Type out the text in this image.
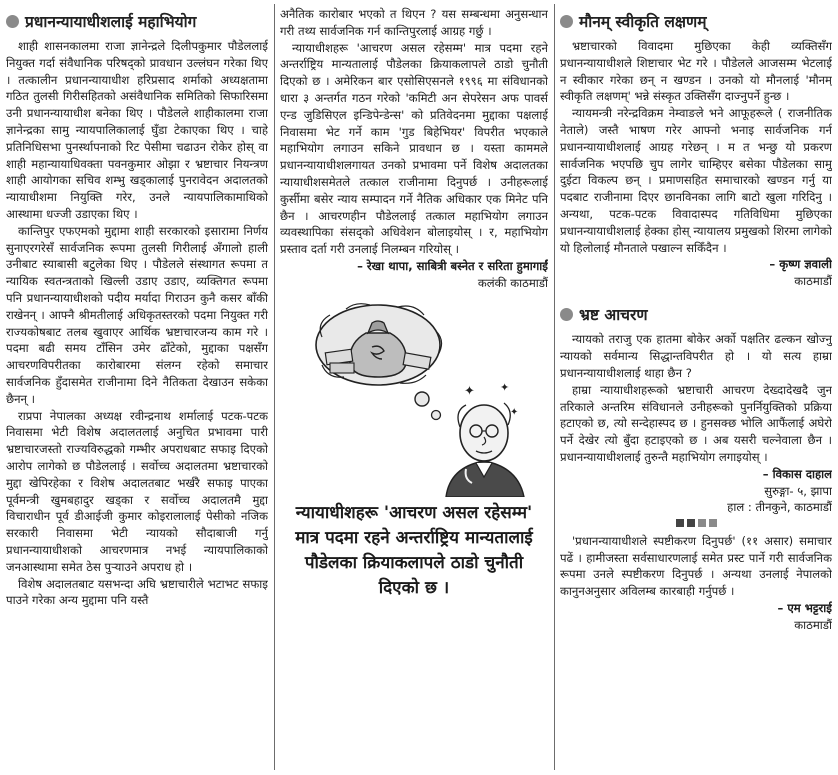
प्रधानन्यायाधीशलाई महाभियोग

शाही शासनकालमा राजा ज्ञानेन्द्रले दिलीपकुमार पौडेललाई नियुक्त गर्दा संवैधानिक परिषद्को प्रावधान उल्लंघन गरेका थिए । तत्कालीन प्रधानन्यायाधीश हरिप्रसाद शर्माको अध्यक्षतामा गठित तुलसी गिरीसहितको असंवैधानिक समितिको सिफारिसमा उनी प्रधानन्यायाधीश बनेका थिए । पौडेलले शाहीकालमा राजा ज्ञानेन्द्रका सामु न्यायपालिकालाई घुँडा टेकाएका थिए । चाहे प्रतिनिधिसभा पुनर्स्थापनाको रिट पेसीमा चढाउन रोकेर होस् वा शाही महान्यायाधिवक्ता पवनकुमार ओझा र भ्रष्टाचार नियन्त्रण शाही आयोगका सचिव शम्भु खड्कालाई पुनरावेदन अदालतको न्यायाधीशमा नियुक्ति गरेर, उनले न्यायपालिकामाथिको आस्थामा धज्जी उडाएका थिए ।

कान्तिपुर एफएमको मुद्दामा शाही सरकारको इसारामा निर्णय सुनाएरगरेसँ सार्वजनिक रूपमा तुलसी गिरीलाई अँगालो हाली उनीबाट स्याबासी बटुलेका थिए । पौडेलले संस्थागत रूपमा त न्यायिक स्वतन्त्रताको खिल्ली उडाए उडाए, व्यक्तिगत रूपमा पनि प्रधानन्यायाधीशको पदीय मर्यादा गिराउन कुनै कसर बाँकी राखेनन् । आफ्नै श्रीमतीलाई अधिकृतस्तरको पदमा नियुक्त गरी राज्यकोषबाट तलब खुवाएर आर्थिक भ्रष्टाचारजन्य काम गरे । पदमा बढी समय टाँसिन उमेर ढाँटेको, मुद्दाका पक्षसँग आचरणविपरीतका कारोबारमा संलग्न रहेको समाचार सार्वजनिक हुँदासमेत राजीनामा दिने नैतिकता देखाउन सकेका छैनन् ।

राप्रपा नेपालका अध्यक्ष रवीन्द्रनाथ शर्मालाई पटक-पटक निवासमा भेटी विशेष अदालतलाई अनुचित प्रभावमा पारी भ्रष्टाचारजस्तो राज्यविरुद्धको गम्भीर अपराधबाट सफाइ दिएको आरोप लागेको छ पौडेललाई । सर्वोच्च अदालतमा भ्रष्टाचारको मुद्दा खेपिरहेका र विशेष अदालतबाट भर्खरै सफाइ पाएका पूर्वमन्त्री खुमबहादुर खड्का र सर्वोच्च अदालतमै मुद्दा विचाराधीन पूर्व डीआईजी कुमार कोइरालालाई पेसीको नजिक सरकारी निवासमा भेटी न्यायको सौदाबाजी गर्नु प्रधानन्यायाधीशको आचरणमात्र नभई न्यायपालिकाको जनआस्थामा समेत ठेस पुऱ्याउने अपराध हो ।

विशेष अदालतबाट यसभन्दा अघि भ्रष्टाचारीले भटाभट सफाइ पाउने गरेका अन्य मुद्दामा पनि यस्तै

अनैतिक कारोबार भएको त थिएन ? यस सम्बन्धमा अनुसन्धान गरी तथ्य सार्वजनिक गर्न कान्तिपुरलाई आग्रह गर्छु ।

न्यायाधीशहरू 'आचरण असल रहेसम्म' मात्र पदमा रहने अन्तर्राष्ट्रिय मान्यतालाई पौडेलका क्रियाकलापले ठाडो चुनौती दिएको छ । अमेरिकन बार एसोसिएसनले १९९६ मा संविधानको धारा ३ अन्तर्गत गठन गरेको 'कमिटी अन सेपरेसन अफ पावर्स एन्ड जुडिसिएल इन्डिपेन्डेन्स' को प्रतिवेदनमा मुद्दाका पक्षलाई निवासमा भेट गर्ने काम 'गुड बिहेभियर' विपरीत भएकाले महाभियोग लगाउन सकिने प्रावधान छ । यस्ता काममले प्रधानन्यायाधीशलगायत उनको प्रभावमा पर्ने विशेष अदालतका न्यायाधीशसमेतले तत्काल राजीनामा दिनुपर्छ । उनीहरूलाई कुर्सीमा बसेर न्याय सम्पादन गर्ने नैतिक अधिकार एक मिनेट पनि छैन । आचरणहीन पौडेललाई तत्काल महाभियोग लगाउन व्यवस्थापिका संसद्को अधिवेशन बोलाइयोस् । र, महाभियोग प्रस्ताव दर्ता गरी उनलाई निलम्बन गरियोस् ।

– रेखा थापा, साबित्री बस्नेत र सरिता हुमागाईं
कलंकी काठमाडौं
✦ ✦
✦
न्यायाधीशहरू 'आचरण असल रहेसम्म' मात्र पदमा रहने अन्तर्राष्ट्रिय मान्यतालाई पौडेलका क्रियाकलापले ठाडो चुनौती दिएको छ ।
मौनम् स्वीकृति लक्षणम्

भ्रष्टाचारको विवादमा मुछिएका केही व्यक्तिसँग प्रधानन्यायाधीशले शिष्टाचार भेट गरे । पौडेलले आजसम्म भेटलाई न स्वीकार गरेका छन् न खण्डन । उनको यो मौनलाई 'मौनम् स्वीकृति लक्षणम्' भन्ने संस्कृत उक्तिसँग दाज्नुपर्ने हुन्छ ।

न्यायमन्त्री नरेन्द्रविक्रम नेम्वाङले भने आफूहरूले ( राजनीतिक नेताले) जस्तै भाषण गरेर आफ्नो भनाइ सार्वजनिक गर्न प्रधानन्यायाधीशलाई आग्रह गरेछन् । म त भन्छु यो प्रकरण सार्वजनिक भएपछि चुप लागेर चाम्हिएर बसेका पौडेलका सामु दुईटा विकल्प छन् । प्रमाणसहित समाचारको खण्डन गर्नु या पदबाट राजीनामा दिएर छानविनका लागि बाटो खुला गरिदिनु । अन्यथा, पटक-पटक विवादास्पद गतिविधिमा मुछिएका प्रधानन्यायाधीशलाई हेक्का होस् न्यायालय प्रमुखको शिरमा लागेको यो हिलोलाई मौनताले पखाल्न सकिँदैन ।

– कृष्ण ज्ञवाली
काठमाडौं
भ्रष्ट आचरण

न्यायको तराजु एक हातमा बोकेर अर्को पक्षतिर ढल्कन खोज्नु न्यायको सर्वमान्य सिद्धान्तविपरीत हो । यो सत्य हाम्रा प्रधानन्यायाधीशलाई थाहा छैन ?

हाम्रा न्यायाधीशहरूको भ्रष्टाचारी आचरण देख्दादेखदै जुन तरिकाले अन्तरिम संविधानले उनीहरूको पुनर्नियुक्तिको प्रक्रिया हटाएको छ, त्यो सन्देहास्पद छ । हुनसक्छ भोलि आफैंलाई अघेरो पर्ने देखेर त्यो बुँदा हटाइएको छ । अब यसरी चल्नेवाला छैन । प्रधानन्यायाधीशलाई तुरुन्तै महाभियोग लगाइयोस् ।

– विकास दाहाल
सुरुङ्गा- ५, झापा
हाल : तीनकुने, काठमाडौं

'प्रधानन्यायाधीशले स्पष्टीकरण दिनुपर्छ' (११ असार) समाचार पढें । हामीजस्ता सर्वसाधारणलाई समेत प्रस्ट पार्ने गरी सार्वजनिक रूपमा उनले स्पष्टीकरण दिनुपर्छ । अन्यथा उनलाई नेपालको कानुनअनुसार अविलम्ब कारबाही गर्नुपर्छ ।

– एम भट्टराई
काठमाडौं
